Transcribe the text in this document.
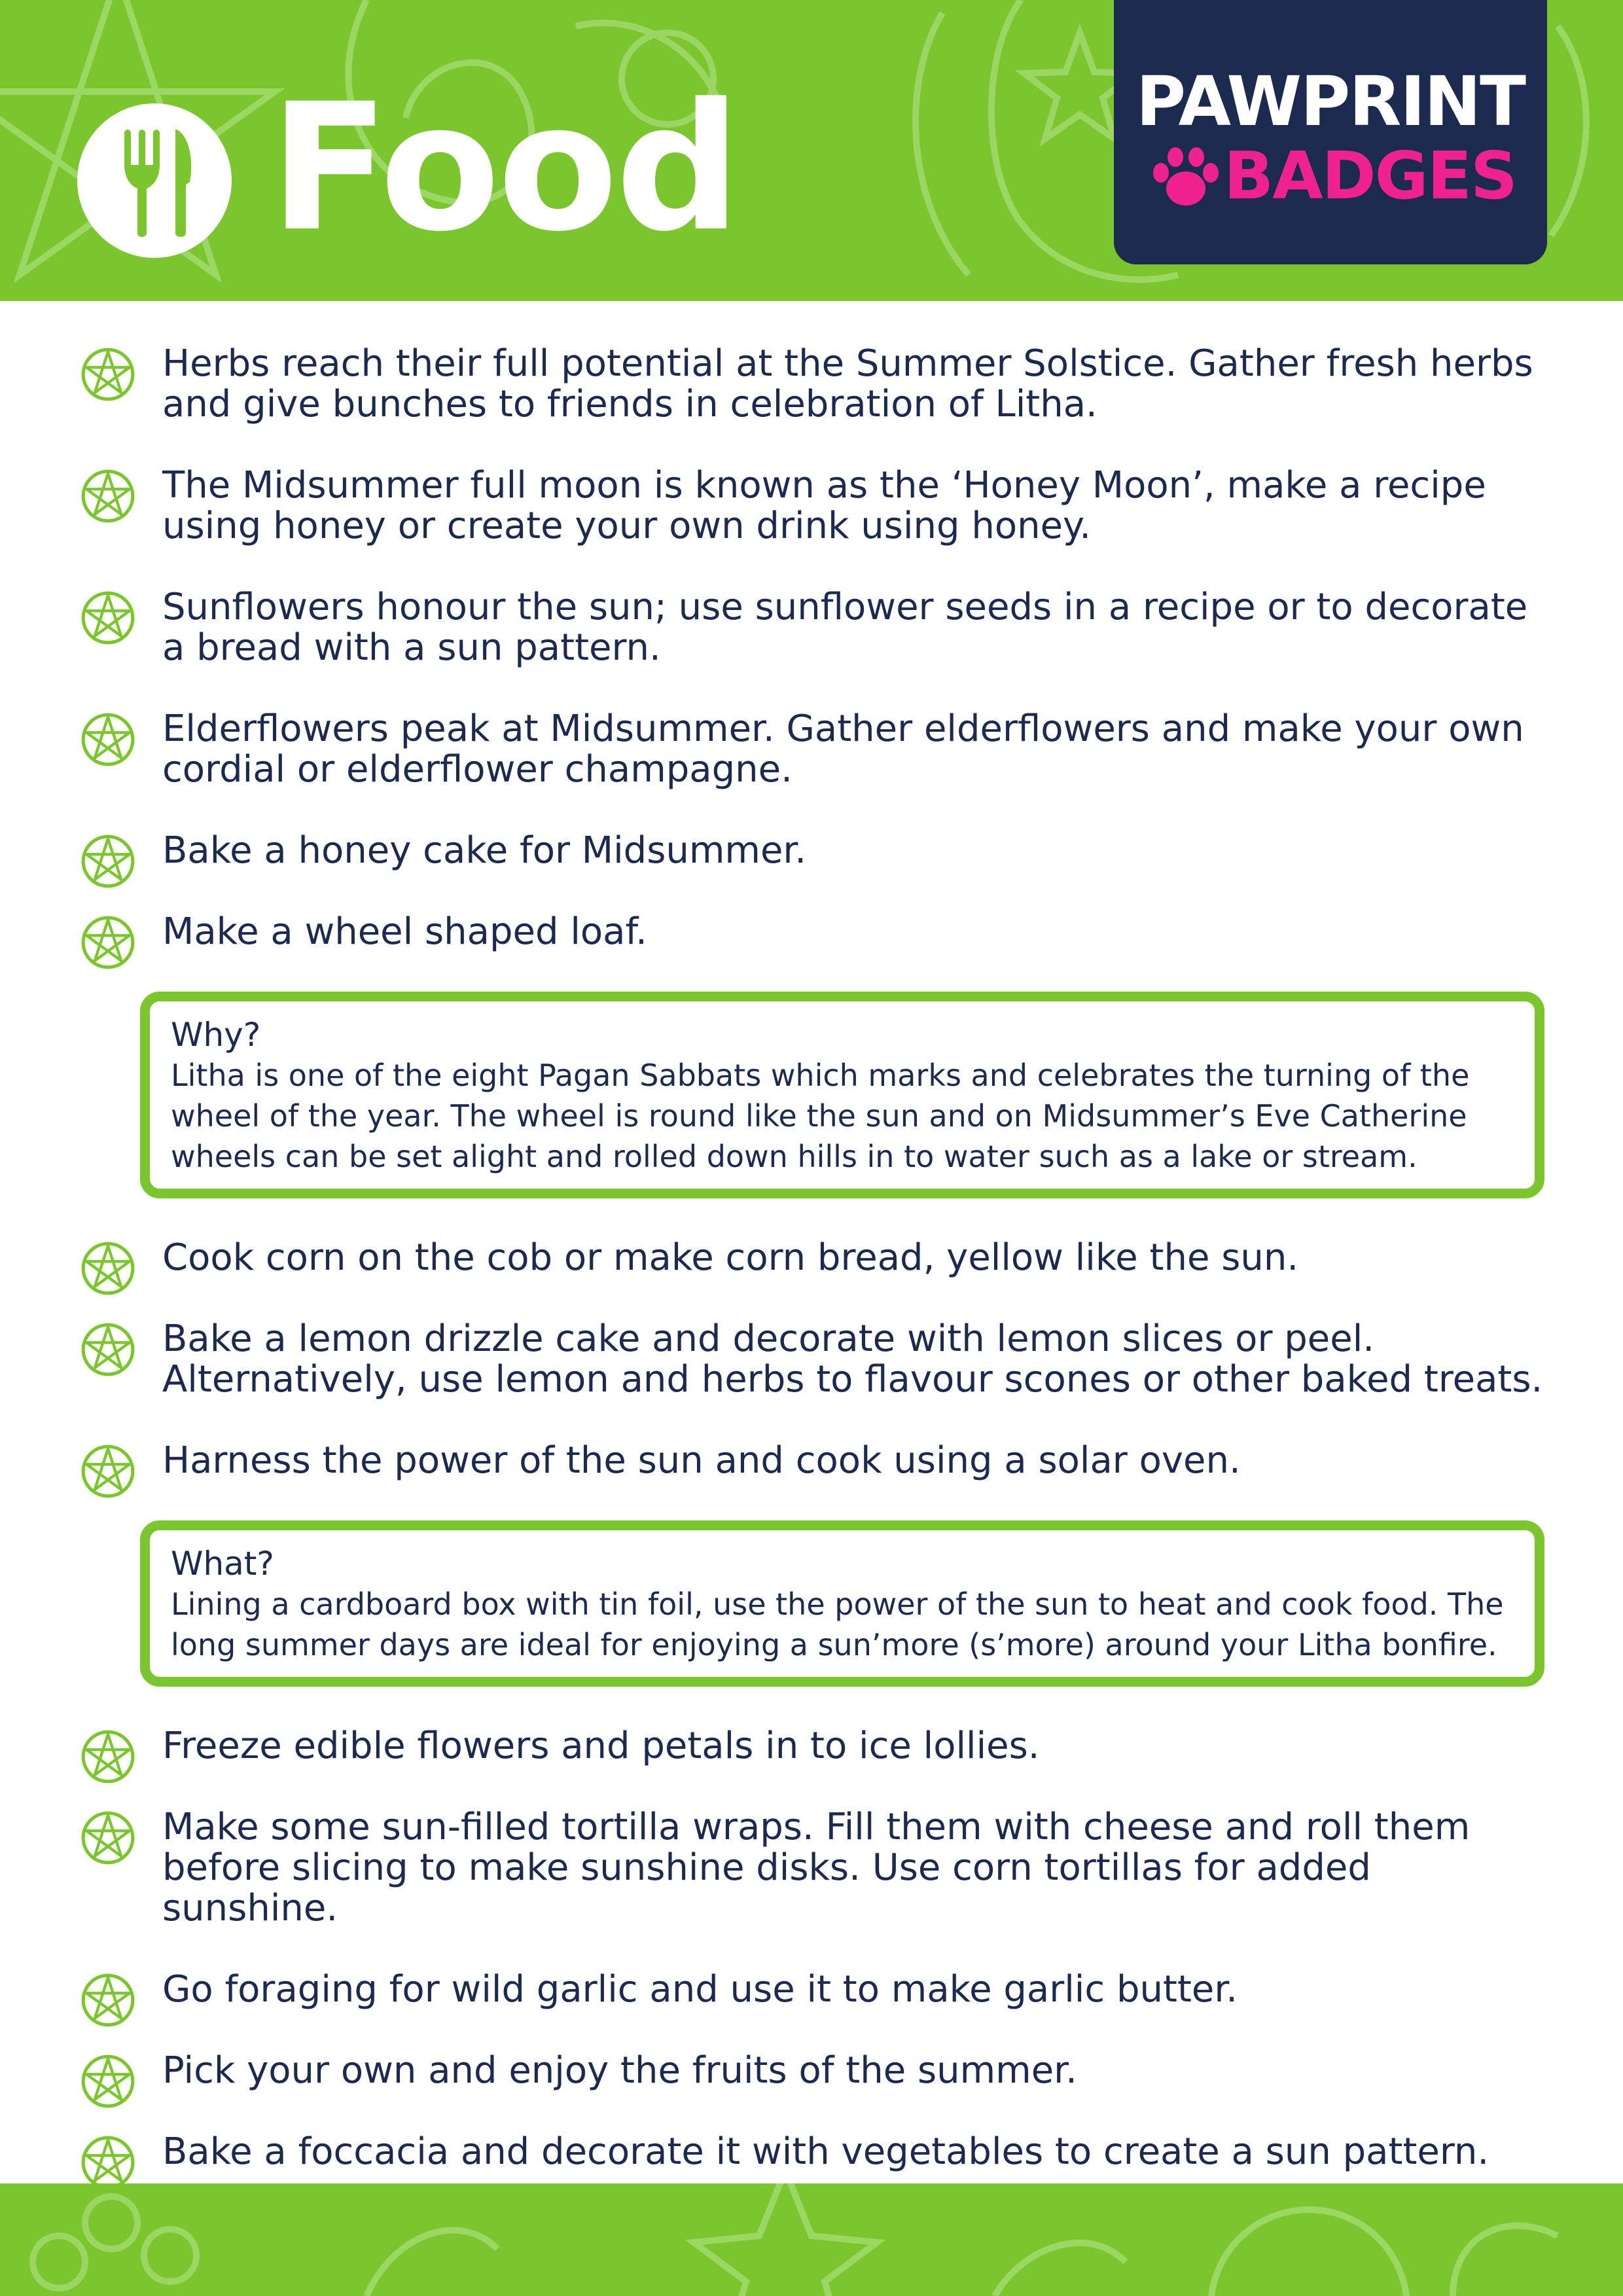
Food	PAWPRINT
BADGES
Herbs reach their full potential at the Summer Solstice. Gather fresh herbs and give bunches to friends in celebration of Litha.
The Midsummer full moon is known as the ‘Honey Moon’, make a recipe using honey or create your own drink using honey.
Sunflowers honour the sun; use sunflower seeds in a recipe or to decorate a bread with a sun pattern.
Elderflowers peak at Midsummer. Gather elderflowers and make your own cordial or elderflower champagne.
Bake a honey cake for Midsummer.
Make a wheel shaped loaf.
Why?
Litha is one of the eight Pagan Sabbats which marks and celebrates the turning of the wheel of the year. The wheel is round like the sun and on Midsummer’s Eve Catherine wheels can be set alight and rolled down hills in to water such as a lake or stream.
Cook corn on the cob or make corn bread, yellow like the sun.
Bake a lemon drizzle cake and decorate with lemon slices or peel. Alternatively, use lemon and herbs to flavour scones or other baked treats.
Harness the power of the sun and cook using a solar oven.
What?
Lining a cardboard box with tin foil, use the power of the sun to heat and cook food. The long summer days are ideal for enjoying a sun’more (s’more) around your Litha bonfire.
Freeze edible flowers and petals in to ice lollies.
Make some sun-filled tortilla wraps. Fill them with cheese and roll them before slicing to make sunshine disks. Use corn tortillas for added sunshine.
Go foraging for wild garlic and use it to make garlic butter.
Pick your own and enjoy the fruits of the summer.
Bake a foccacia and decorate it with vegetables to create a sun pattern.
